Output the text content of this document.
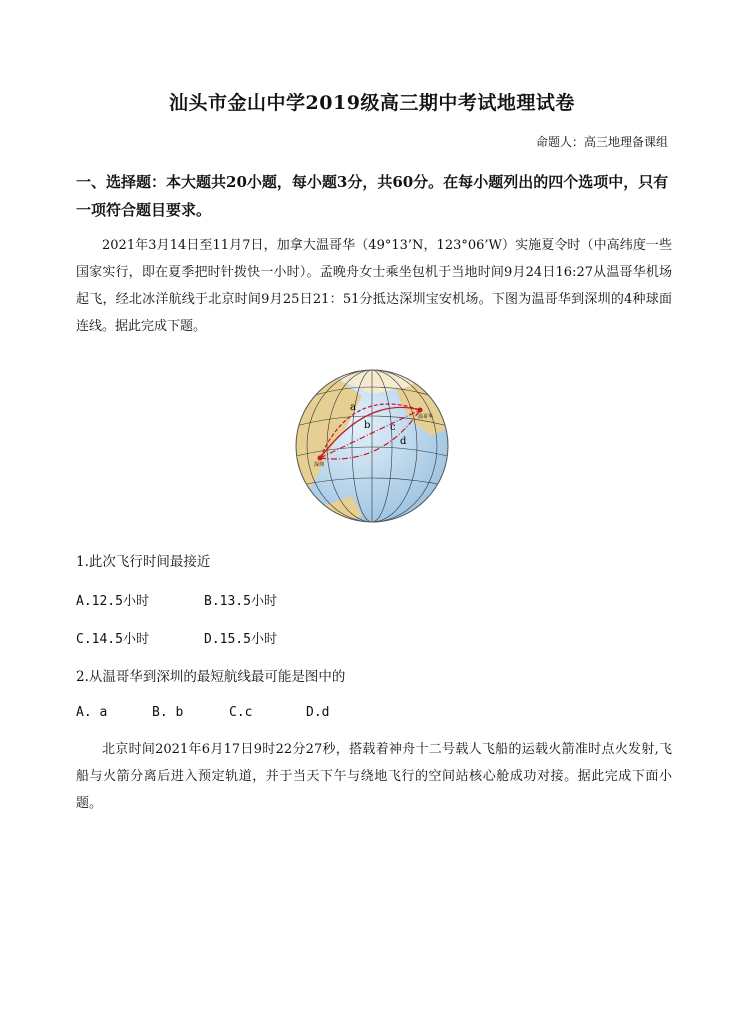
汕头市金山中学2019级高三期中考试地理试卷
命题人：高三地理备课组
一、选择题：本大题共20小题，每小题3分，共60分。在每小题列出的四个选项中，只有一项符合题目要求。
2021年3月14日至11月7日，加拿大温哥华（49°13’N，123°06’W）实施夏令时（中高纬度一些国家实行，即在夏季把时针拨快一小时）。孟晚舟女士乘坐包机于当地时间9月24日16:27从温哥华机场起飞，经北冰洋航线于北京时间9月25日21：51分抵达深圳宝安机场。下图为温哥华到深圳的4种球面连线。据此完成下题。
a
b c
d
温哥华
深圳
1.此次飞行时间最接近
A.12.5小时	B.13.5小时
C.14.5小时	D.15.5小时
2.从温哥华到深圳的最短航线最可能是图中的
A. a	B. b	C.c	D.d
北京时间2021年6月17日9时22分27秒，搭载着神舟十二号载人飞船的运载火箭准时点火发射,飞船与火箭分离后进入预定轨道，并于当天下午与绕地飞行的空间站核心舱成功对接。据此完成下面小题。
